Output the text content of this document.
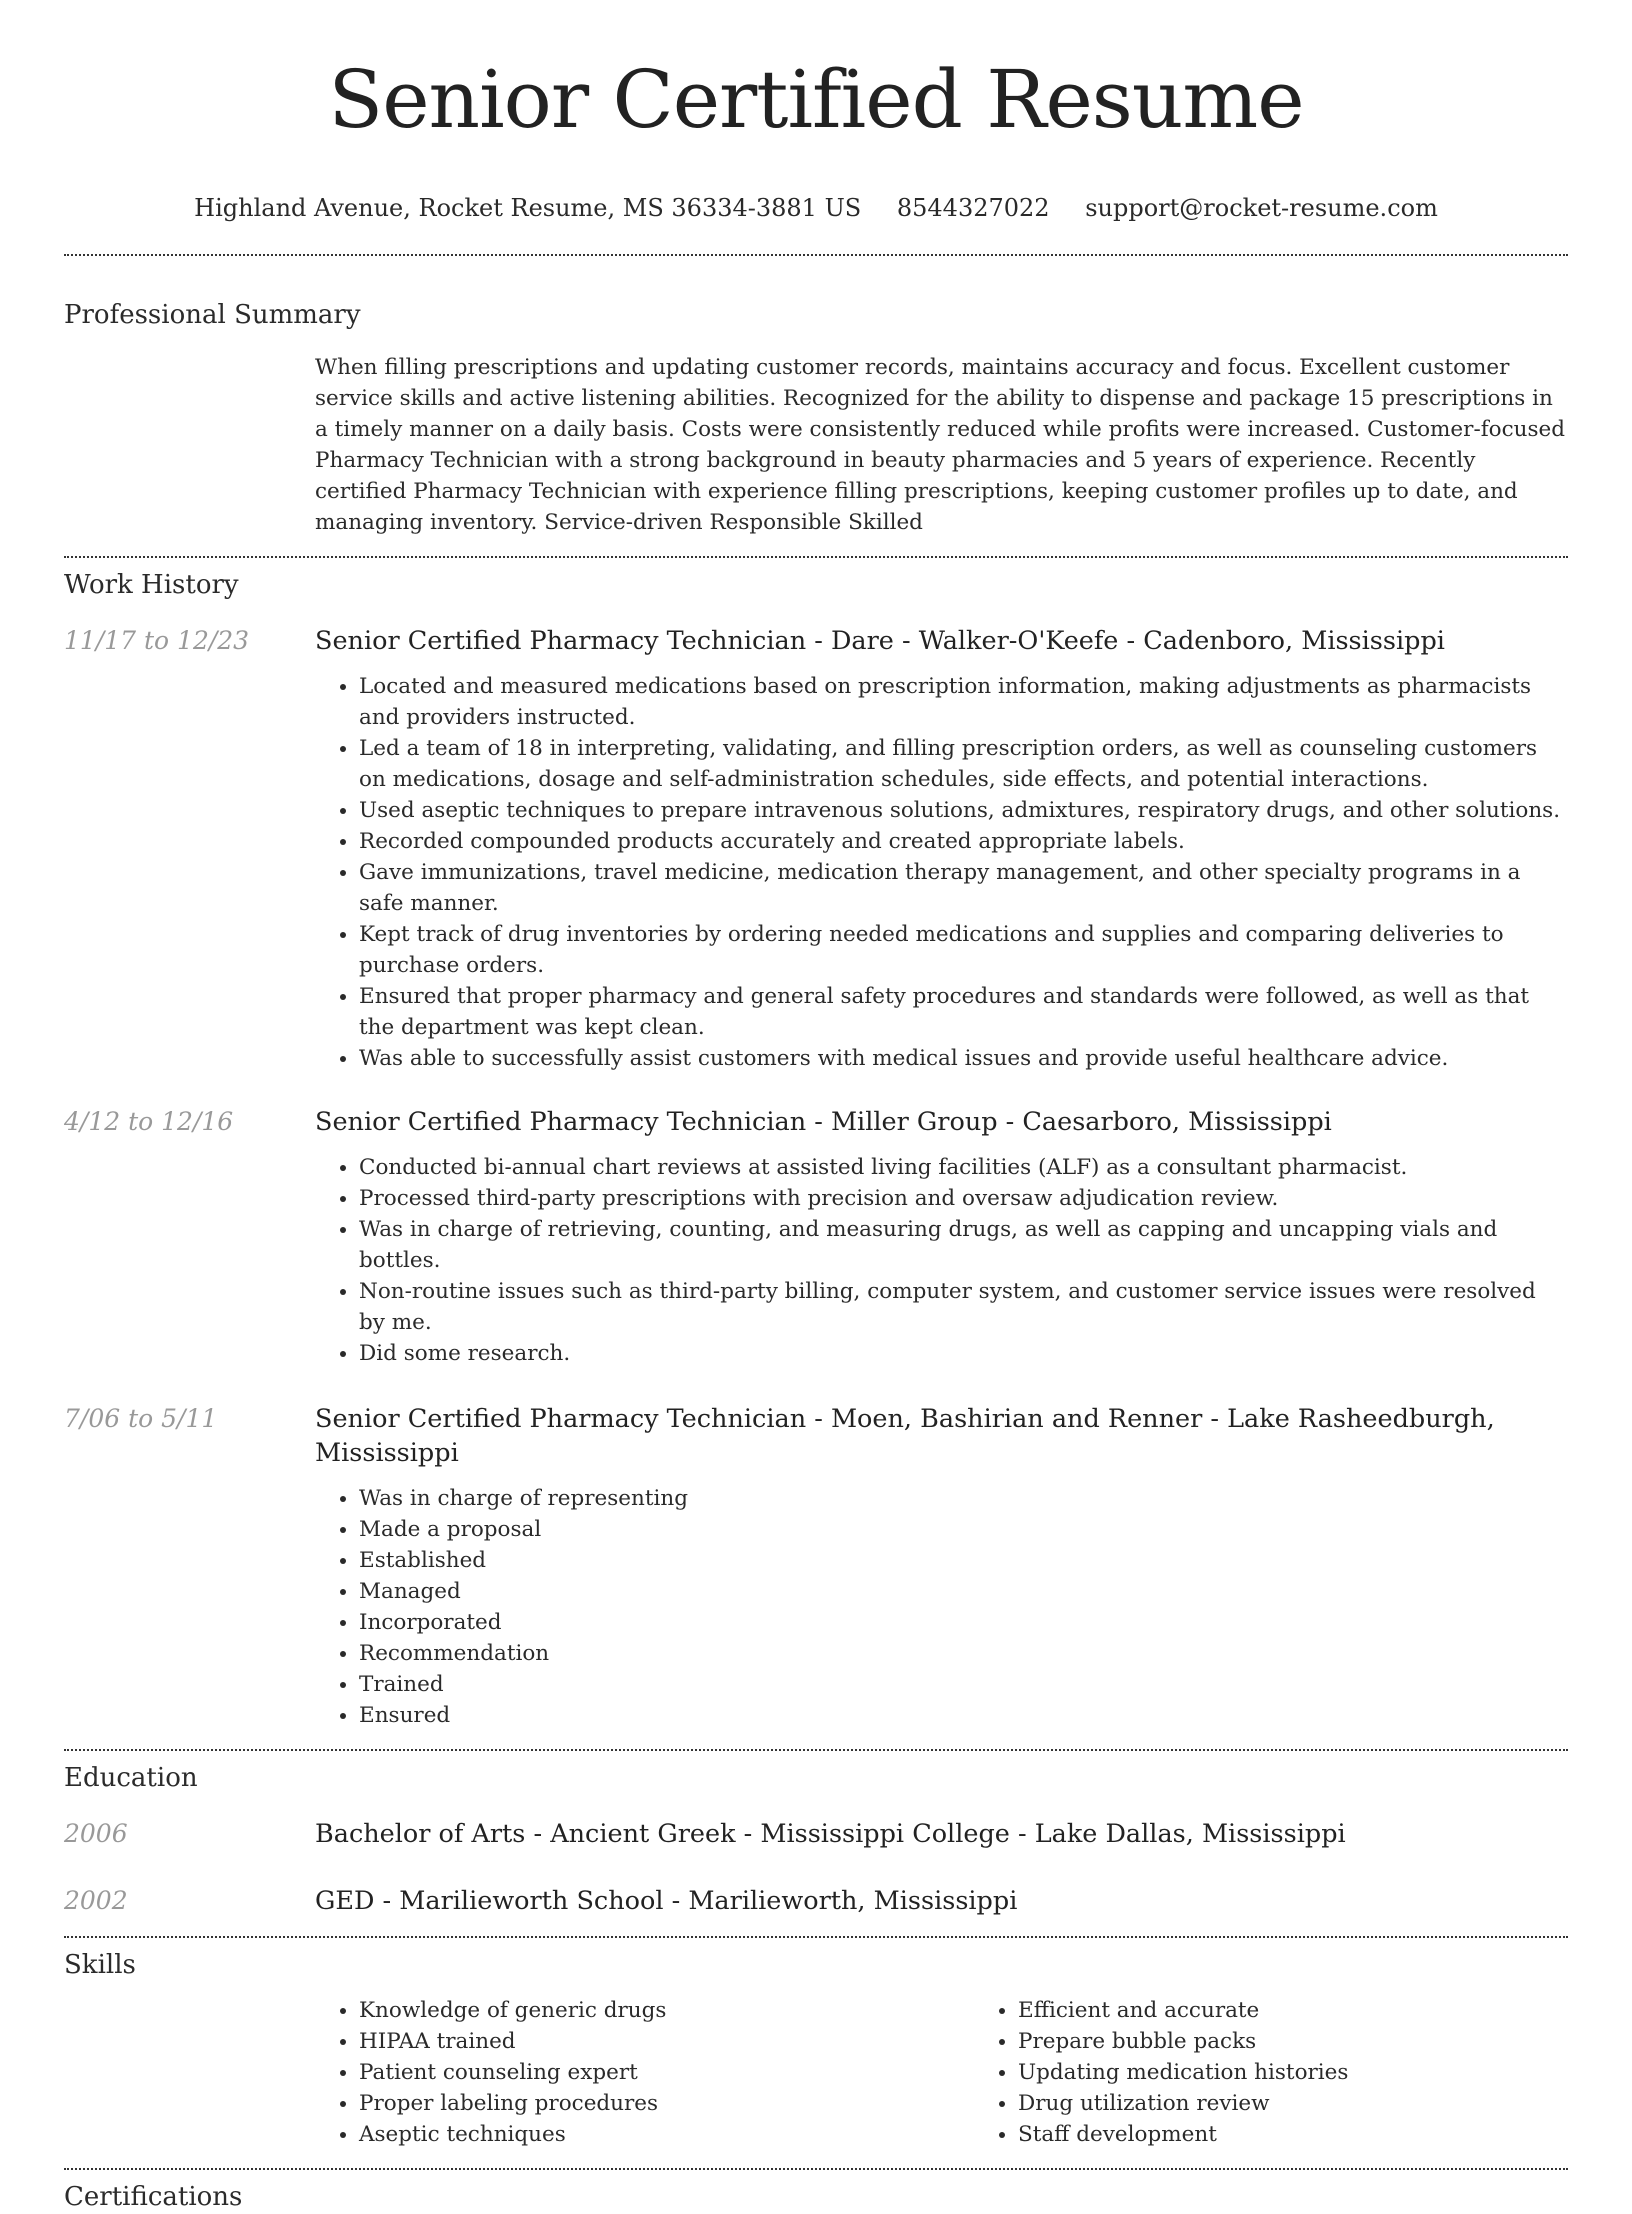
Senior Certified Resume
Highland Avenue, Rocket Resume, MS 36334-3881 US 8544327022 support@rocket-resume.com
Professional Summary

When filling prescriptions and updating customer records, maintains accuracy and focus. Excellent customer service skills and active listening abilities. Recognized for the ability to dispense and package 15 prescriptions in a timely manner on a daily basis. Costs were consistently reduced while profits were increased. Customer-focused Pharmacy Technician with a strong background in beauty pharmacies and 5 years of experience. Recently certified Pharmacy Technician with experience filling prescriptions, keeping customer profiles up to date, and managing inventory. Service-driven Responsible Skilled

Work History
11/17 to 12/23	Senior Certified Pharmacy Technician - Dare - Walker-O'Keefe - Cadenboro, Mississippi
• Located and measured medications based on prescription information, making adjustments as pharmacists and providers instructed.
• Led a team of 18 in interpreting, validating, and filling prescription orders, as well as counseling customers on medications, dosage and self-administration schedules, side effects, and potential interactions.
• Used aseptic techniques to prepare intravenous solutions, admixtures, respiratory drugs, and other solutions.
• Recorded compounded products accurately and created appropriate labels.
• Gave immunizations, travel medicine, medication therapy management, and other specialty programs in a safe manner.
• Kept track of drug inventories by ordering needed medications and supplies and comparing deliveries to purchase orders.
• Ensured that proper pharmacy and general safety procedures and standards were followed, as well as that the department was kept clean.
• Was able to successfully assist customers with medical issues and provide useful healthcare advice.
4/12 to 12/16	Senior Certified Pharmacy Technician - Miller Group - Caesarboro, Mississippi
• Conducted bi-annual chart reviews at assisted living facilities (ALF) as a consultant pharmacist.
• Processed third-party prescriptions with precision and oversaw adjudication review.
• Was in charge of retrieving, counting, and measuring drugs, as well as capping and uncapping vials and bottles.
• Non-routine issues such as third-party billing, computer system, and customer service issues were resolved by me.
• Did some research.
7/06 to 5/11	Senior Certified Pharmacy Technician - Moen, Bashirian and Renner - Lake Rasheedburgh, Mississippi
• Was in charge of representing
• Made a proposal
• Established
• Managed
• Incorporated
• Recommendation
• Trained
• Ensured
Education
2006	Bachelor of Arts - Ancient Greek - Mississippi College - Lake Dallas, Mississippi
2002	GED - Marilieworth School - Marilieworth, Mississippi
Skills
• Knowledge of generic drugs
• HIPAA trained
• Patient counseling expert
• Proper labeling procedures
• Aseptic techniques
• Efficient and accurate
• Prepare bubble packs
• Updating medication histories
• Drug utilization review
• Staff development
Certifications
